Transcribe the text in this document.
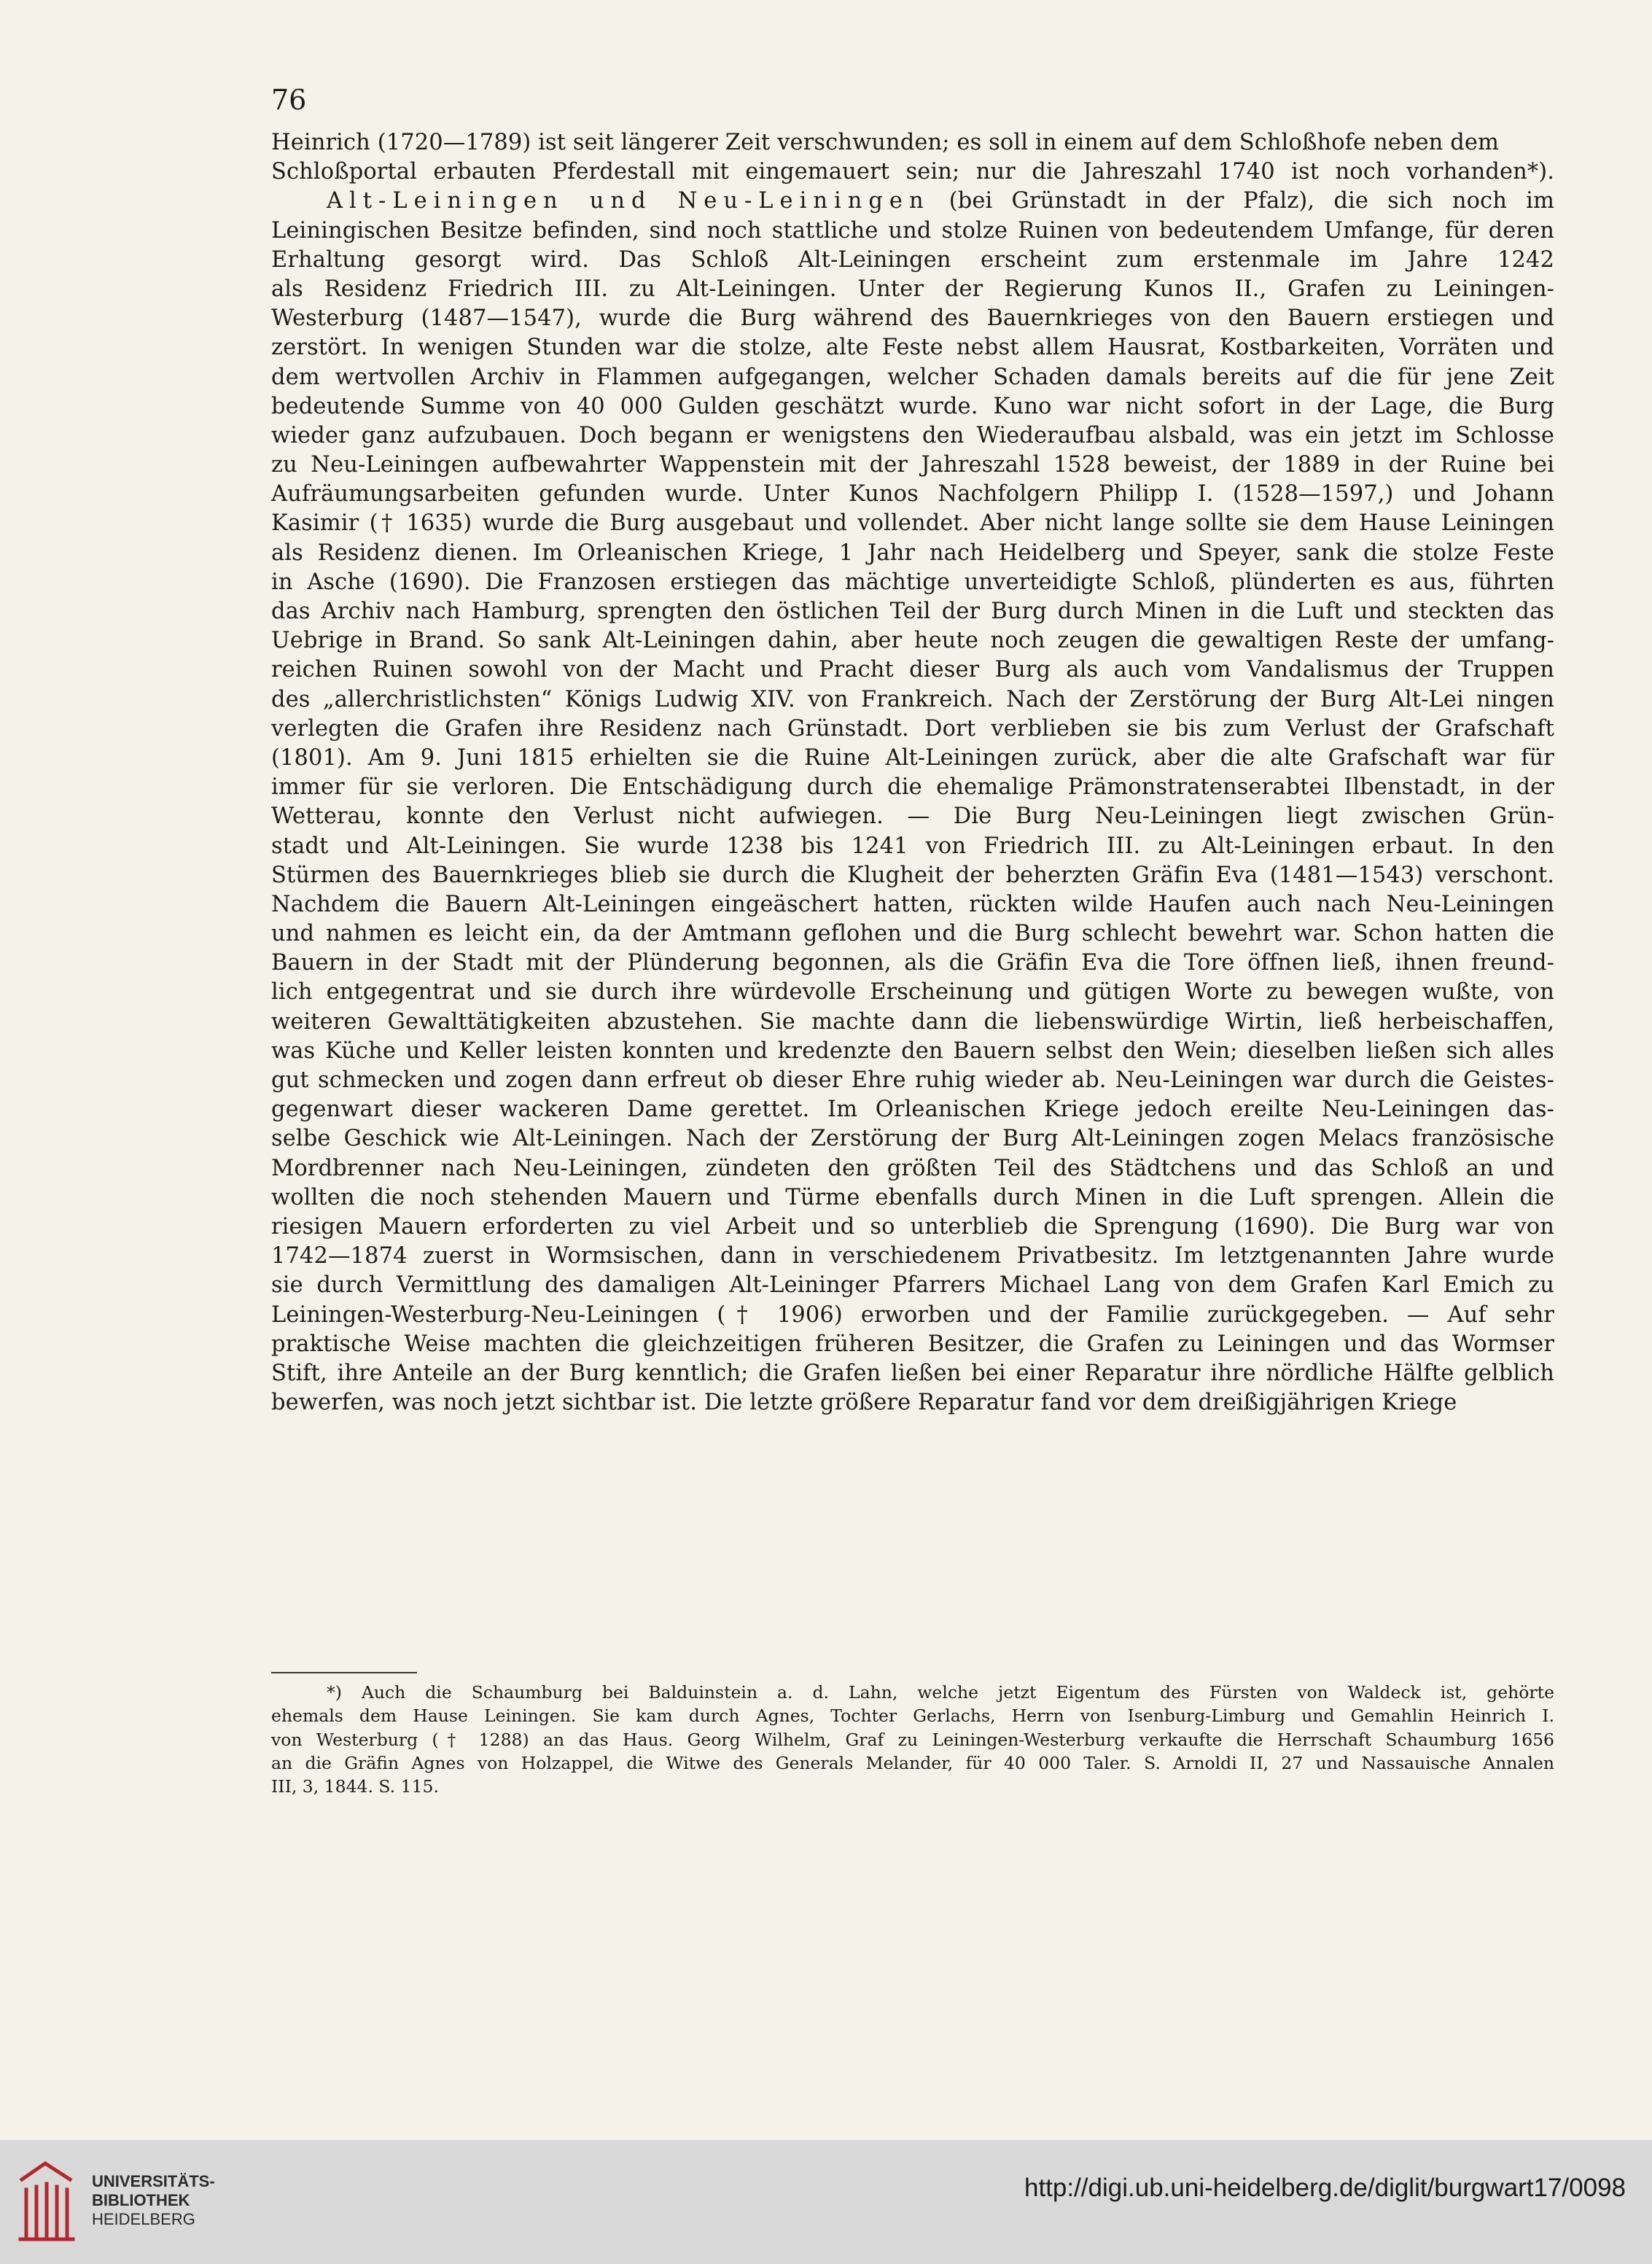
76
Heinrich (1720—1789) ist seit längerer Zeit verschwunden; es soll in einem auf dem Schloßhofe neben dem
Schloßportal erbauten Pferdestall mit eingemauert sein; nur die Jahreszahl 1740 ist noch vorhanden*).
Alt-Leiningen und Neu-Leiningen (bei Grünstadt in der Pfalz), die sich noch im
Leiningischen Besitze befinden, sind noch stattliche und stolze Ruinen von bedeutendem Umfange, für deren
Erhaltung gesorgt wird. Das Schloß Alt-Leiningen erscheint zum erstenmale im Jahre 1242
als Residenz Friedrich III. zu Alt-Leiningen. Unter der Regierung Kunos II., Grafen zu Leiningen-
Westerburg (1487—1547), wurde die Burg während des Bauernkrieges von den Bauern erstiegen und
zerstört. In wenigen Stunden war die stolze, alte Feste nebst allem Hausrat, Kostbarkeiten, Vorräten und
dem wertvollen Archiv in Flammen aufgegangen, welcher Schaden damals bereits auf die für jene Zeit
bedeutende Summe von 40 000 Gulden geschätzt wurde. Kuno war nicht sofort in der Lage, die Burg
wieder ganz aufzubauen. Doch begann er wenigstens den Wiederaufbau alsbald, was ein jetzt im Schlosse
zu Neu-Leiningen aufbewahrter Wappenstein mit der Jahreszahl 1528 beweist, der 1889 in der Ruine bei
Aufräumungsarbeiten gefunden wurde. Unter Kunos Nachfolgern Philipp I. (1528—1597,) und Johann
Kasimir († 1635) wurde die Burg ausgebaut und vollendet. Aber nicht lange sollte sie dem Hause Leiningen
als Residenz dienen. Im Orleanischen Kriege, 1 Jahr nach Heidelberg und Speyer, sank die stolze Feste
in Asche (1690). Die Franzosen erstiegen das mächtige unverteidigte Schloß, plünderten es aus, führten
das Archiv nach Hamburg, sprengten den östlichen Teil der Burg durch Minen in die Luft und steckten das
Uebrige in Brand. So sank Alt-Leiningen dahin, aber heute noch zeugen die gewaltigen Reste der umfang-
reichen Ruinen sowohl von der Macht und Pracht dieser Burg als auch vom Vandalismus der Truppen
des „allerchristlichsten“ Königs Ludwig XIV. von Frankreich. Nach der Zerstörung der Burg Alt-Lei ningen
verlegten die Grafen ihre Residenz nach Grünstadt. Dort verblieben sie bis zum Verlust der Grafschaft
(1801). Am 9. Juni 1815 erhielten sie die Ruine Alt-Leiningen zurück, aber die alte Grafschaft war für
immer für sie verloren. Die Entschädigung durch die ehemalige Prämonstratenserabtei Ilbenstadt, in der
Wetterau, konnte den Verlust nicht aufwiegen. — Die Burg Neu-Leiningen liegt zwischen Grün-
stadt und Alt-Leiningen. Sie wurde 1238 bis 1241 von Friedrich III. zu Alt-Leiningen erbaut. In den
Stürmen des Bauernkrieges blieb sie durch die Klugheit der beherzten Gräfin Eva (1481—1543) verschont.
Nachdem die Bauern Alt-Leiningen eingeäschert hatten, rückten wilde Haufen auch nach Neu-Leiningen
und nahmen es leicht ein, da der Amtmann geflohen und die Burg schlecht bewehrt war. Schon hatten die
Bauern in der Stadt mit der Plünderung begonnen, als die Gräfin Eva die Tore öffnen ließ, ihnen freund-
lich entgegentrat und sie durch ihre würdevolle Erscheinung und gütigen Worte zu bewegen wußte, von
weiteren Gewalttätigkeiten abzustehen. Sie machte dann die liebenswürdige Wirtin, ließ herbeischaffen,
was Küche und Keller leisten konnten und kredenzte den Bauern selbst den Wein; dieselben ließen sich alles
gut schmecken und zogen dann erfreut ob dieser Ehre ruhig wieder ab. Neu-Leiningen war durch die Geistes-
gegenwart dieser wackeren Dame gerettet. Im Orleanischen Kriege jedoch ereilte Neu-Leiningen das-
selbe Geschick wie Alt-Leiningen. Nach der Zerstörung der Burg Alt-Leiningen zogen Melacs französische
Mordbrenner nach Neu-Leiningen, zündeten den größten Teil des Städtchens und das Schloß an und
wollten die noch stehenden Mauern und Türme ebenfalls durch Minen in die Luft sprengen. Allein die
riesigen Mauern erforderten zu viel Arbeit und so unterblieb die Sprengung (1690). Die Burg war von
1742—1874 zuerst in Wormsischen, dann in verschiedenem Privatbesitz. Im letztgenannten Jahre wurde
sie durch Vermittlung des damaligen Alt-Leininger Pfarrers Michael Lang von dem Grafen Karl Emich zu
Leiningen-Westerburg-Neu-Leiningen († 1906) erworben und der Familie zurückgegeben. — Auf sehr
praktische Weise machten die gleichzeitigen früheren Besitzer, die Grafen zu Leiningen und das Wormser
Stift, ihre Anteile an der Burg kenntlich; die Grafen ließen bei einer Reparatur ihre nördliche Hälfte gelblich
bewerfen, was noch jetzt sichtbar ist. Die letzte größere Reparatur fand vor dem dreißigjährigen Kriege
*) Auch die Schaumburg bei Balduinstein a. d. Lahn, welche jetzt Eigentum des Fürsten von Waldeck ist, gehörte
ehemals dem Hause Leiningen. Sie kam durch Agnes, Tochter Gerlachs, Herrn von Isenburg-Limburg und Gemahlin Heinrich I.
von Westerburg († 1288) an das Haus. Georg Wilhelm, Graf zu Leiningen-Westerburg verkaufte die Herrschaft Schaumburg 1656
an die Gräfin Agnes von Holzappel, die Witwe des Generals Melander, für 40 000 Taler. S. Arnoldi II, 27 und Nassauische Annalen
III, 3, 1844. S. 115.
UNIVERSITÄTS-
BIBLIOTHEK
HEIDELBERG
http://digi.ub.uni-heidelberg.de/diglit/burgwart17/0098
